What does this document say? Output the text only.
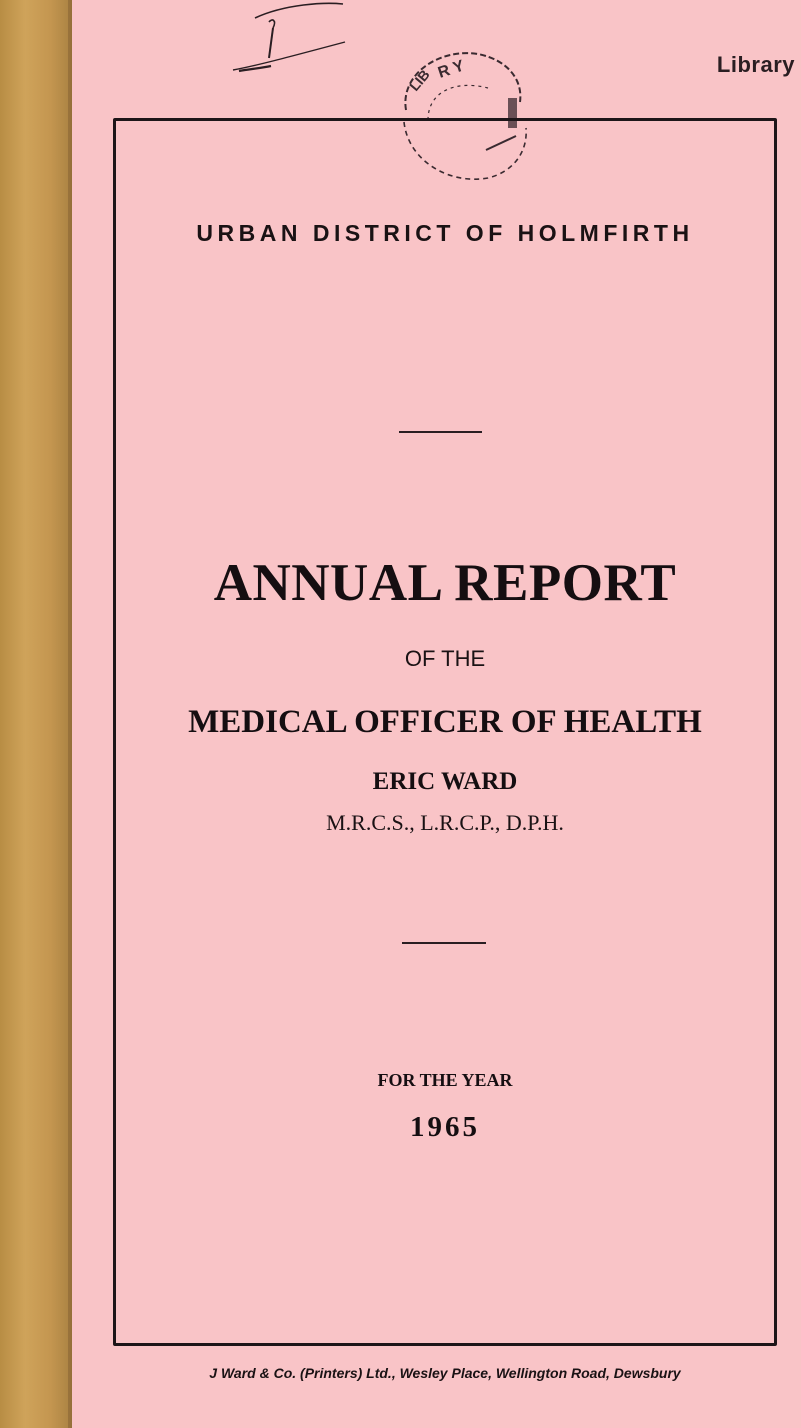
R Y
LIB
Library
URBAN DISTRICT OF HOLMFIRTH
ANNUAL REPORT
OF THE
MEDICAL OFFICER OF HEALTH
ERIC WARD
M.R.C.S., L.R.C.P., D.P.H.
FOR THE YEAR
1965
J Ward & Co. (Printers) Ltd., Wesley Place, Wellington Road, Dewsbury
